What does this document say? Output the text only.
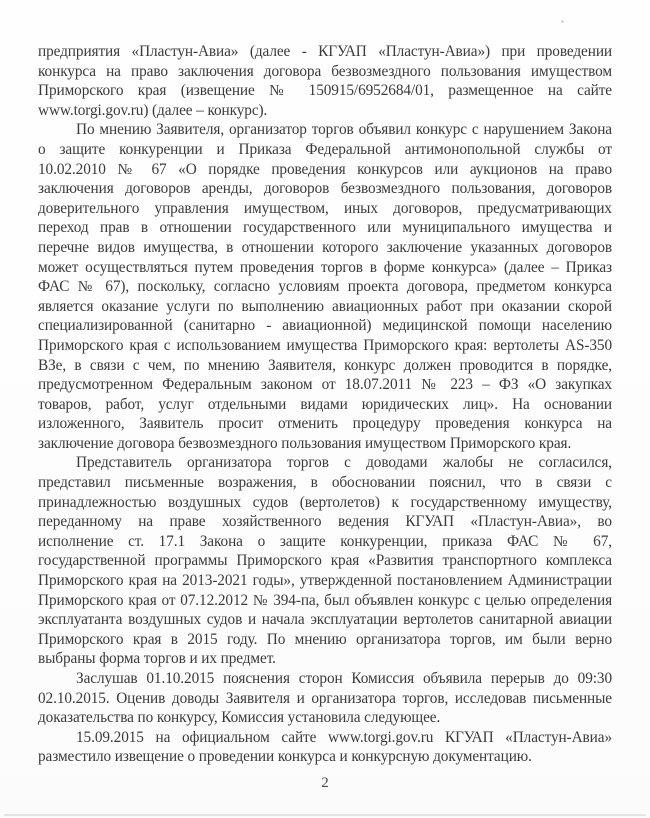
предприятия «Пластун-Авиа» (далее - КГУАП «Пластун-Авиа») при проведении
конкурса на право заключения договора безвозмездного пользования имуществом
Приморского края (извещение № 150915/6952684/01, размещенное на сайте
www.torgi.gov.ru) (далее – конкурс).
По мнению Заявителя, организатор торгов объявил конкурс с нарушением Закона
о защите конкуренции и Приказа Федеральной антимонопольной службы от
10.02.2010 № 67 «О порядке проведения конкурсов или аукционов на право
заключения договоров аренды, договоров безвозмездного пользования, договоров
доверительного управления имуществом, иных договоров, предусматривающих
переход прав в отношении государственного или муниципального имущества и
перечне видов имущества, в отношении которого заключение указанных договоров
может осуществляться путем проведения торгов в форме конкурса» (далее – Приказ
ФАС № 67), поскольку, согласно условиям проекта договора, предметом конкурса
является оказание услуги по выполнению авиационных работ при оказании скорой
специализированной (санитарно - авиационной) медицинской помощи населению
Приморского края с использованием имущества Приморского края: вертолеты AS-350
ВЗе, в связи с чем, по мнению Заявителя, конкурс должен проводится в порядке,
предусмотренном Федеральным законом от 18.07.2011 № 223 – ФЗ «О закупках
товаров, работ, услуг отдельными видами юридических лиц». На основании
изложенного, Заявитель просит отменить процедуру проведения конкурса на
заключение договора безвозмездного пользования имуществом Приморского края.
Представитель организатора торгов с доводами жалобы не согласился,
представил письменные возражения, в обосновании пояснил, что в связи с
принадлежностью воздушных судов (вертолетов) к государственному имуществу,
переданному на праве хозяйственного ведения КГУАП «Пластун-Авиа», во
исполнение ст. 17.1 Закона о защите конкуренции, приказа ФАС № 67,
государственной программы Приморского края «Развития транспортного комплекса
Приморского края на 2013-2021 годы», утвержденной постановлением Администрации
Приморского края от 07.12.2012 № 394-па, был объявлен конкурс с целью определения
эксплуатанта воздушных судов и начала эксплуатации вертолетов санитарной авиации
Приморского края в 2015 году. По мнению организатора торгов, им были верно
выбраны форма торгов и их предмет.
Заслушав 01.10.2015 пояснения сторон Комиссия объявила перерыв до 09:30
02.10.2015. Оценив доводы Заявителя и организатора торгов, исследовав письменные
доказательства по конкурсу, Комиссия установила следующее.
15.09.2015 на официальном сайте www.torgi.gov.ru КГУАП «Пластун-Авиа»
разместило извещение о проведении конкурса и конкурсную документацию.
2
